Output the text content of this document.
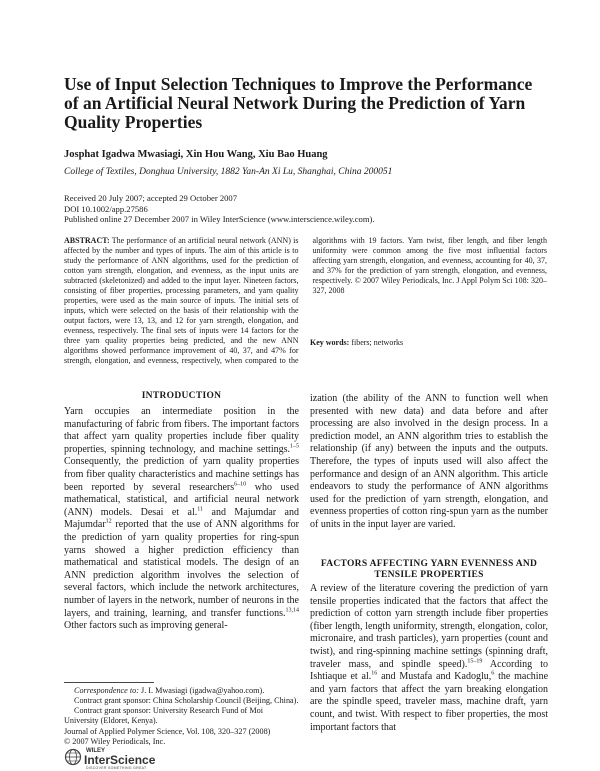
Use of Input Selection Techniques to Improve the Performance of an Artificial Neural Network During the Prediction of Yarn Quality Properties
Josphat Igadwa Mwasiagi, Xin Hou Wang, Xiu Bao Huang
College of Textiles, Donghua University, 1882 Yan-An Xi Lu, Shanghai, China 200051
Received 20 July 2007; accepted 29 October 2007
DOI 10.1002/app.27586
Published online 27 December 2007 in Wiley InterScience (www.interscience.wiley.com).
ABSTRACT: The performance of an artificial neural network (ANN) is affected by the number and types of inputs. The aim of this article is to study the performance of ANN algorithms, used for the prediction of cotton yarn strength, elongation, and evenness, as the input units are subtracted (skeletonized) and added to the input layer. Nineteen factors, consisting of fiber properties, processing parameters, and yarn quality properties, were used as the main source of inputs. The initial sets of inputs, which were selected on the basis of their relationship with the output factors, were 13, 13, and 12 for yarn strength, elongation, and evenness, respectively. The final sets of inputs were 14 factors for the three yarn quality properties being predicted, and the new ANN algorithms showed performance improvement of 40, 37, and 47% for strength, elongation, and evenness, respectively, when compared to the algorithms with 19 factors. Yarn twist, fiber length, and fiber length uniformity were common among the five most influential factors affecting yarn strength, elongation, and evenness, accounting for 40, 37, and 37% for the prediction of yarn strength, elongation, and evenness, respectively. © 2007 Wiley Periodicals, Inc. J Appl Polym Sci 108: 320–327, 2008
Key words: fibers; networks
INTRODUCTION

Yarn occupies an intermediate position in the manufacturing of fabric from fibers. The important factors that affect yarn quality properties include fiber quality properties, spinning technology, and machine settings.$^{1-5}$ Consequently, the prediction of yarn quality properties from fiber quality characteristics and machine settings has been reported by several researchers$^{6-10}$ who used mathematical, statistical, and artificial neural network (ANN) models. Desai et al.$^{11}$ and Majumdar and Majumdar$^{12}$ reported that the use of ANN algorithms for the prediction of yarn quality properties for ring-spun yarns showed a higher prediction efficiency than mathematical and statistical models. The design of an ANN prediction algorithm involves the selection of several factors, which include the network architectures, number of layers in the network, number of neurons in the layers, and training, learning, and transfer functions.$^{13,14}$ Other factors such as improving general-

ization (the ability of the ANN to function well when presented with new data) and data before and after processing are also involved in the design process. In a prediction model, an ANN algorithm tries to establish the relationship (if any) between the inputs and the outputs. Therefore, the types of inputs used will also affect the performance and design of an ANN algorithm. This article endeavors to study the performance of ANN algorithms used for the prediction of yarn strength, elongation, and evenness properties of cotton ring-spun yarn as the number of units in the input layer are varied.

FACTORS AFFECTING YARN EVENNESS AND TENSILE PROPERTIES

A review of the literature covering the prediction of yarn tensile properties indicated that the factors that affect the prediction of cotton yarn strength include fiber properties (fiber length, length uniformity, strength, elongation, color, micronaire, and trash particles), yarn properties (count and twist), and ring-spinning machine settings (spinning draft, traveler mass, and spindle speed).$^{15-19}$ According to Ishtiaque et al.$^{16}$ and Mustafa and Kadoglu,$^6$ the machine and yarn factors that affect the yarn breaking elongation are the spindle speed, traveler mass, machine draft, yarn count, and twist. With respect to fiber properties, the most important factors that

Correspondence to: J. I. Mwasiagi (igadwa@yahoo.com).
Contract grant sponsor: China Scholarship Council (Beijing, China).
Contract grant sponsor: University Research Fund of Moi University (Eldoret, Kenya).
Journal of Applied Polymer Science, Vol. 108, 320–327 (2008)
© 2007 Wiley Periodicals, Inc.
WILEY
InterScience
DISCOVER SOMETHING GREAT
